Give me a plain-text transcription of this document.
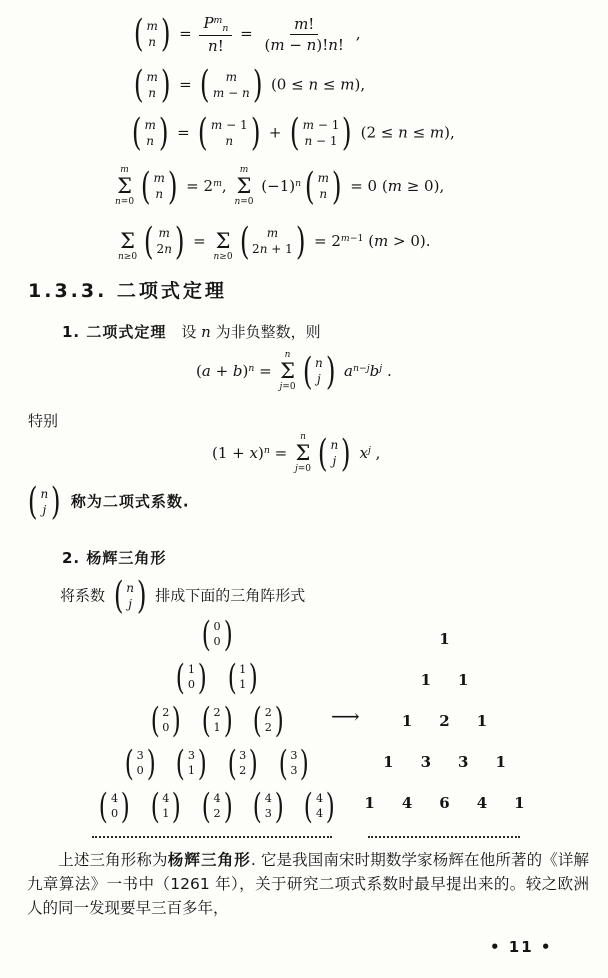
( m
n ) =
$P^m_n$
n!
= $\frac{m!}{(m - n)!n!}$ ,
( m
n ) = ( m
m − n ) (0 ≤ n ≤ m),
( m
n ) = ( m − 1
n ) + ( m − 1
n − 1 ) (2 ≤ n ≤ m),
m
Σ
n=0 ( m
n ) = $2^m$,
m
Σ
n=0
$(-1)^n$ ( m
n ) = 0 (m ≥ 0),

Σ
n≥0 ( m
2n ) =
Σ
n≥0 ( m
2n + 1 ) = $2^{m-1}$ (m > 0).
1.3.3. 二项式定理
1. 二项式定理　设 n 为非负整数，则
$(a + b)^n$ =
n
Σ
j=0 ( n
j ) $a^{n-j}b^j$ .
特别
$(1 + x)^n$ =
n
Σ
j=0 ( n
j ) $x^j$ ,
( n
j ) 称为二项式系数.
2. 杨辉三角形
将系数 ( n
j ) 排成下面的三角阵形式
( 0
0 )
( 1
0 ) ( 1
1 )
( 2
0 ) ( 2
1 ) ( 2
2 )
( 3
0 ) ( 3
1 ) ( 3
2 ) ( 3
3 )
( 4
0 ) ( 4
1 ) ( 4
2 ) ( 4
3 ) ( 4
4 )
⟶
1
1 1
1 2 1
1 3 3 1
1 4 6 4 1
　　上述三角形称为杨辉三角形. 它是我国南宋时期数学家杨辉在他所著的《详解九章算法》一书中（1261 年），关于研究二项式系数时最早提出来的。较之欧洲人的同一发现要早三百多年，
• 11 •
